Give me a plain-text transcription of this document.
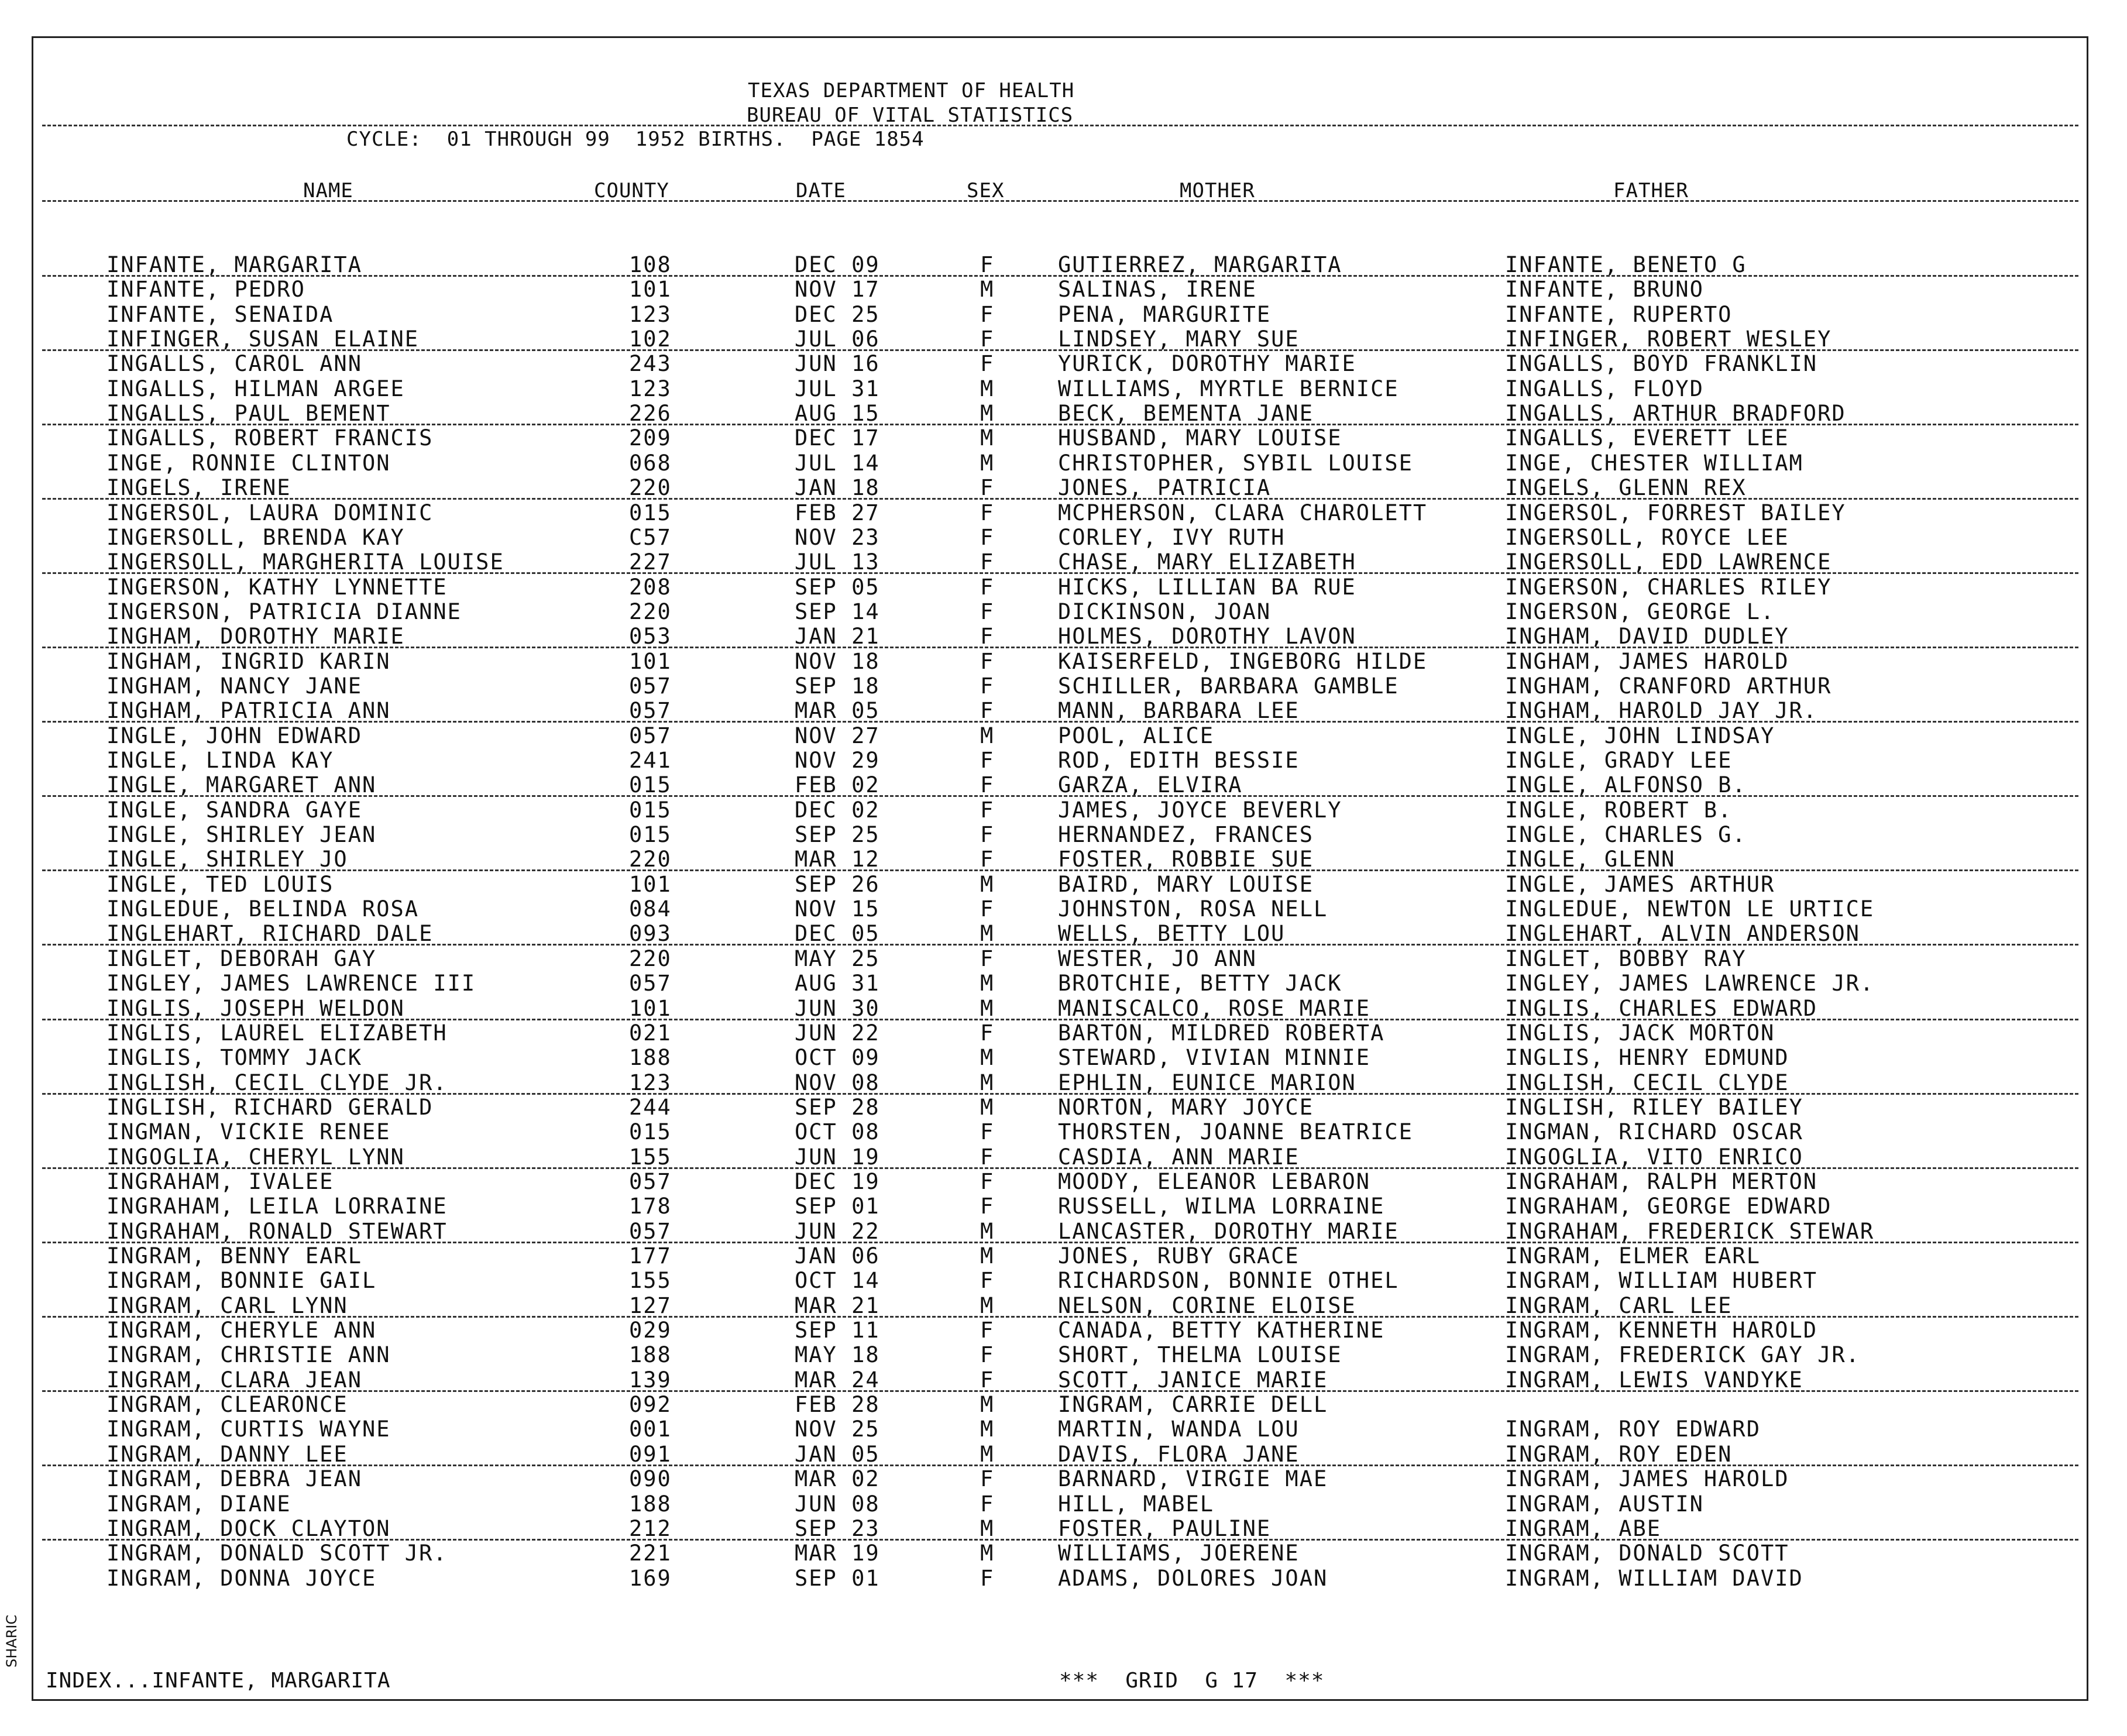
TEXAS DEPARTMENT OF HEALTH
BUREAU OF VITAL STATISTICS
CYCLE:  01 THROUGH 99  1952 BIRTHS.  PAGE 1854
NAME	COUNTY	DATE	SEX	MOTHER	FATHER
INFANTE, MARGARITA	108	DEC 09	F	GUTIERREZ, MARGARITA	INFANTE, BENETO G
INFANTE, PEDRO	101	NOV 17	M	SALINAS, IRENE	INFANTE, BRUNO
INFANTE, SENAIDA	123	DEC 25	F	PENA, MARGURITE	INFANTE, RUPERTO
INFINGER, SUSAN ELAINE	102	JUL 06	F	LINDSEY, MARY SUE	INFINGER, ROBERT WESLEY
INGALLS, CAROL ANN	243	JUN 16	F	YURICK, DOROTHY MARIE	INGALLS, BOYD FRANKLIN
INGALLS, HILMAN ARGEE	123	JUL 31	M	WILLIAMS, MYRTLE BERNICE	INGALLS, FLOYD
INGALLS, PAUL BEMENT	226	AUG 15	M	BECK, BEMENTA JANE	INGALLS, ARTHUR BRADFORD
INGALLS, ROBERT FRANCIS	209	DEC 17	M	HUSBAND, MARY LOUISE	INGALLS, EVERETT LEE
INGE, RONNIE CLINTON	068	JUL 14	M	CHRISTOPHER, SYBIL LOUISE	INGE, CHESTER WILLIAM
INGELS, IRENE	220	JAN 18	F	JONES, PATRICIA	INGELS, GLENN REX
INGERSOL, LAURA DOMINIC	015	FEB 27	F	MCPHERSON, CLARA CHAROLETT	INGERSOL, FORREST BAILEY
INGERSOLL, BRENDA KAY	C57	NOV 23	F	CORLEY, IVY RUTH	INGERSOLL, ROYCE LEE
INGERSOLL, MARGHERITA LOUISE	227	JUL 13	F	CHASE, MARY ELIZABETH	INGERSOLL, EDD LAWRENCE
INGERSON, KATHY LYNNETTE	208	SEP 05	F	HICKS, LILLIAN BA RUE	INGERSON, CHARLES RILEY
INGERSON, PATRICIA DIANNE	220	SEP 14	F	DICKINSON, JOAN	INGERSON, GEORGE L.
INGHAM, DOROTHY MARIE	053	JAN 21	F	HOLMES, DOROTHY LAVON	INGHAM, DAVID DUDLEY
INGHAM, INGRID KARIN	101	NOV 18	F	KAISERFELD, INGEBORG HILDE	INGHAM, JAMES HAROLD
INGHAM, NANCY JANE	057	SEP 18	F	SCHILLER, BARBARA GAMBLE	INGHAM, CRANFORD ARTHUR
INGHAM, PATRICIA ANN	057	MAR 05	F	MANN, BARBARA LEE	INGHAM, HAROLD JAY JR.
INGLE, JOHN EDWARD	057	NOV 27	M	POOL, ALICE	INGLE, JOHN LINDSAY
INGLE, LINDA KAY	241	NOV 29	F	ROD, EDITH BESSIE	INGLE, GRADY LEE
INGLE, MARGARET ANN	015	FEB 02	F	GARZA, ELVIRA	INGLE, ALFONSO B.
INGLE, SANDRA GAYE	015	DEC 02	F	JAMES, JOYCE BEVERLY	INGLE, ROBERT B.
INGLE, SHIRLEY JEAN	015	SEP 25	F	HERNANDEZ, FRANCES	INGLE, CHARLES G.
INGLE, SHIRLEY JO	220	MAR 12	F	FOSTER, ROBBIE SUE	INGLE, GLENN
INGLE, TED LOUIS	101	SEP 26	M	BAIRD, MARY LOUISE	INGLE, JAMES ARTHUR
INGLEDUE, BELINDA ROSA	084	NOV 15	F	JOHNSTON, ROSA NELL	INGLEDUE, NEWTON LE URTICE
INGLEHART, RICHARD DALE	093	DEC 05	M	WELLS, BETTY LOU	INGLEHART, ALVIN ANDERSON
INGLET, DEBORAH GAY	220	MAY 25	F	WESTER, JO ANN	INGLET, BOBBY RAY
INGLEY, JAMES LAWRENCE III	057	AUG 31	M	BROTCHIE, BETTY JACK	INGLEY, JAMES LAWRENCE JR.
INGLIS, JOSEPH WELDON	101	JUN 30	M	MANISCALCO, ROSE MARIE	INGLIS, CHARLES EDWARD
INGLIS, LAUREL ELIZABETH	021	JUN 22	F	BARTON, MILDRED ROBERTA	INGLIS, JACK MORTON
INGLIS, TOMMY JACK	188	OCT 09	M	STEWARD, VIVIAN MINNIE	INGLIS, HENRY EDMUND
INGLISH, CECIL CLYDE JR.	123	NOV 08	M	EPHLIN, EUNICE MARION	INGLISH, CECIL CLYDE
INGLISH, RICHARD GERALD	244	SEP 28	M	NORTON, MARY JOYCE	INGLISH, RILEY BAILEY
INGMAN, VICKIE RENEE	015	OCT 08	F	THORSTEN, JOANNE BEATRICE	INGMAN, RICHARD OSCAR
INGOGLIA, CHERYL LYNN	155	JUN 19	F	CASDIA, ANN MARIE	INGOGLIA, VITO ENRICO
INGRAHAM, IVALEE	057	DEC 19	F	MOODY, ELEANOR LEBARON	INGRAHAM, RALPH MERTON
INGRAHAM, LEILA LORRAINE	178	SEP 01	F	RUSSELL, WILMA LORRAINE	INGRAHAM, GEORGE EDWARD
INGRAHAM, RONALD STEWART	057	JUN 22	M	LANCASTER, DOROTHY MARIE	INGRAHAM, FREDERICK STEWAR
INGRAM, BENNY EARL	177	JAN 06	M	JONES, RUBY GRACE	INGRAM, ELMER EARL
INGRAM, BONNIE GAIL	155	OCT 14	F	RICHARDSON, BONNIE OTHEL	INGRAM, WILLIAM HUBERT
INGRAM, CARL LYNN	127	MAR 21	M	NELSON, CORINE ELOISE	INGRAM, CARL LEE
INGRAM, CHERYLE ANN	029	SEP 11	F	CANADA, BETTY KATHERINE	INGRAM, KENNETH HAROLD
INGRAM, CHRISTIE ANN	188	MAY 18	F	SHORT, THELMA LOUISE	INGRAM, FREDERICK GAY JR.
INGRAM, CLARA JEAN	139	MAR 24	F	SCOTT, JANICE MARIE	INGRAM, LEWIS VANDYKE
INGRAM, CLEARONCE	092	FEB 28	M	INGRAM, CARRIE DELL
INGRAM, CURTIS WAYNE	001	NOV 25	M	MARTIN, WANDA LOU	INGRAM, ROY EDWARD
INGRAM, DANNY LEE	091	JAN 05	M	DAVIS, FLORA JANE	INGRAM, ROY EDEN
INGRAM, DEBRA JEAN	090	MAR 02	F	BARNARD, VIRGIE MAE	INGRAM, JAMES HAROLD
INGRAM, DIANE	188	JUN 08	F	HILL, MABEL	INGRAM, AUSTIN
INGRAM, DOCK CLAYTON	212	SEP 23	M	FOSTER, PAULINE	INGRAM, ABE
INGRAM, DONALD SCOTT JR.	221	MAR 19	M	WILLIAMS, JOERENE	INGRAM, DONALD SCOTT
INGRAM, DONNA JOYCE	169	SEP 01	F	ADAMS, DOLORES JOAN	INGRAM, WILLIAM DAVID
INDEX...INFANTE, MARGARITA	***  GRID  G 17  ***
SHARIC
